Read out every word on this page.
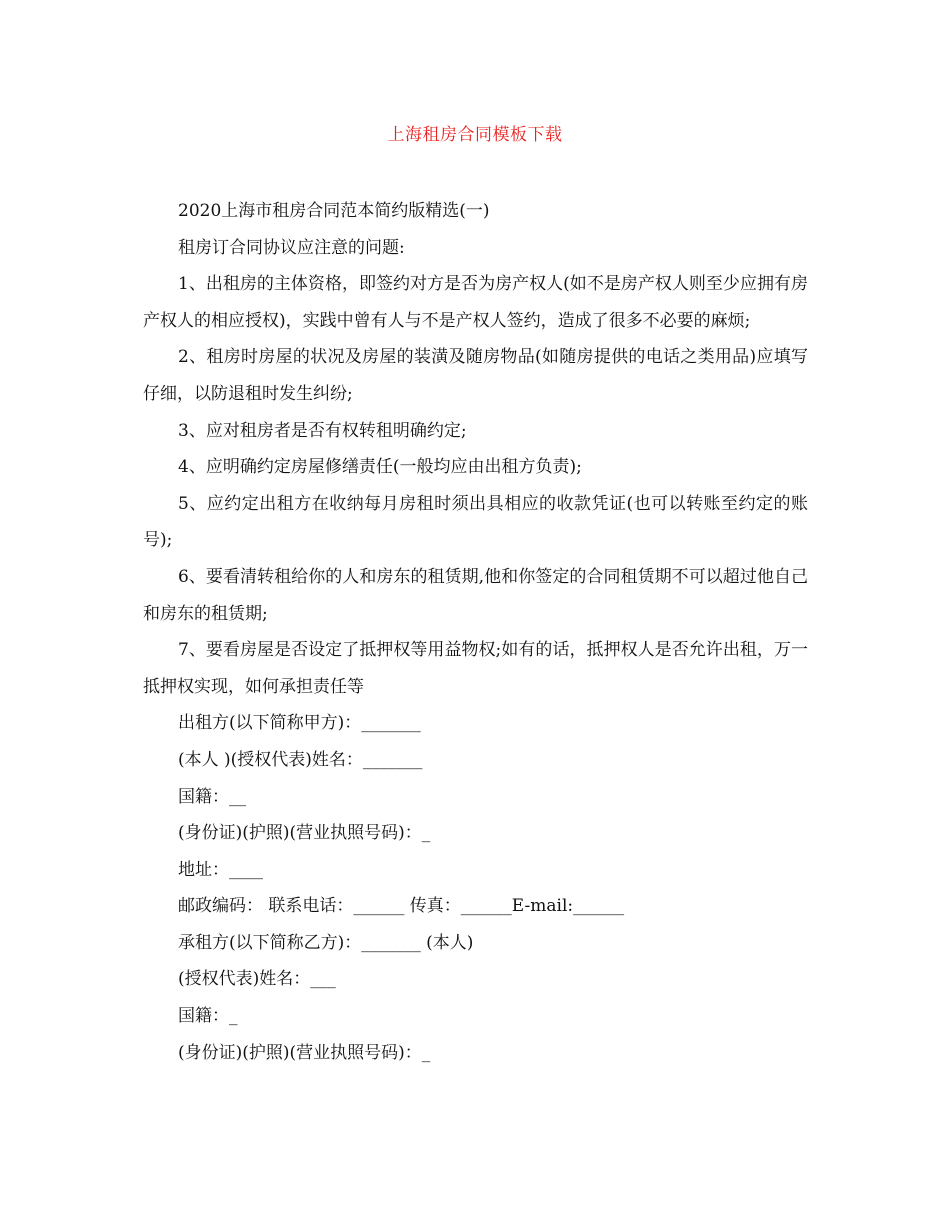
上海租房合同模板下载

2020上海市租房合同范本简约版精选(一)

租房订合同协议应注意的问题:

1、出租房的主体资格，即签约对方是否为房产权人(如不是房产权人则至少应拥有房产权人的相应授权)，实践中曾有人与不是产权人签约，造成了很多不必要的麻烦;

2、租房时房屋的状况及房屋的装潢及随房物品(如随房提供的电话之类用品)应填写仔细，以防退租时发生纠纷;

3、应对租房者是否有权转租明确约定;

4、应明确约定房屋修缮责任(一般均应由出租方负责);

5、应约定出租方在收纳每月房租时须出具相应的收款凭证(也可以转账至约定的账号);

6、要看清转租给你的人和房东的租赁期,他和你签定的合同租赁期不可以超过他自己和房东的租赁期;

7、要看房屋是否设定了抵押权等用益物权;如有的话，抵押权人是否允许出租，万一抵押权实现，如何承担责任等

出租方(以下简称甲方)：_______

(本人 )(授权代表)姓名：_______

国籍：__

(身份证)(护照)(营业执照号码)：_

地址：____

邮政编码： 联系电话：______ 传真：______E-mail:______

承租方(以下简称乙方)：_______ (本人)

(授权代表)姓名：___

国籍：_

(身份证)(护照)(营业执照号码)：_
